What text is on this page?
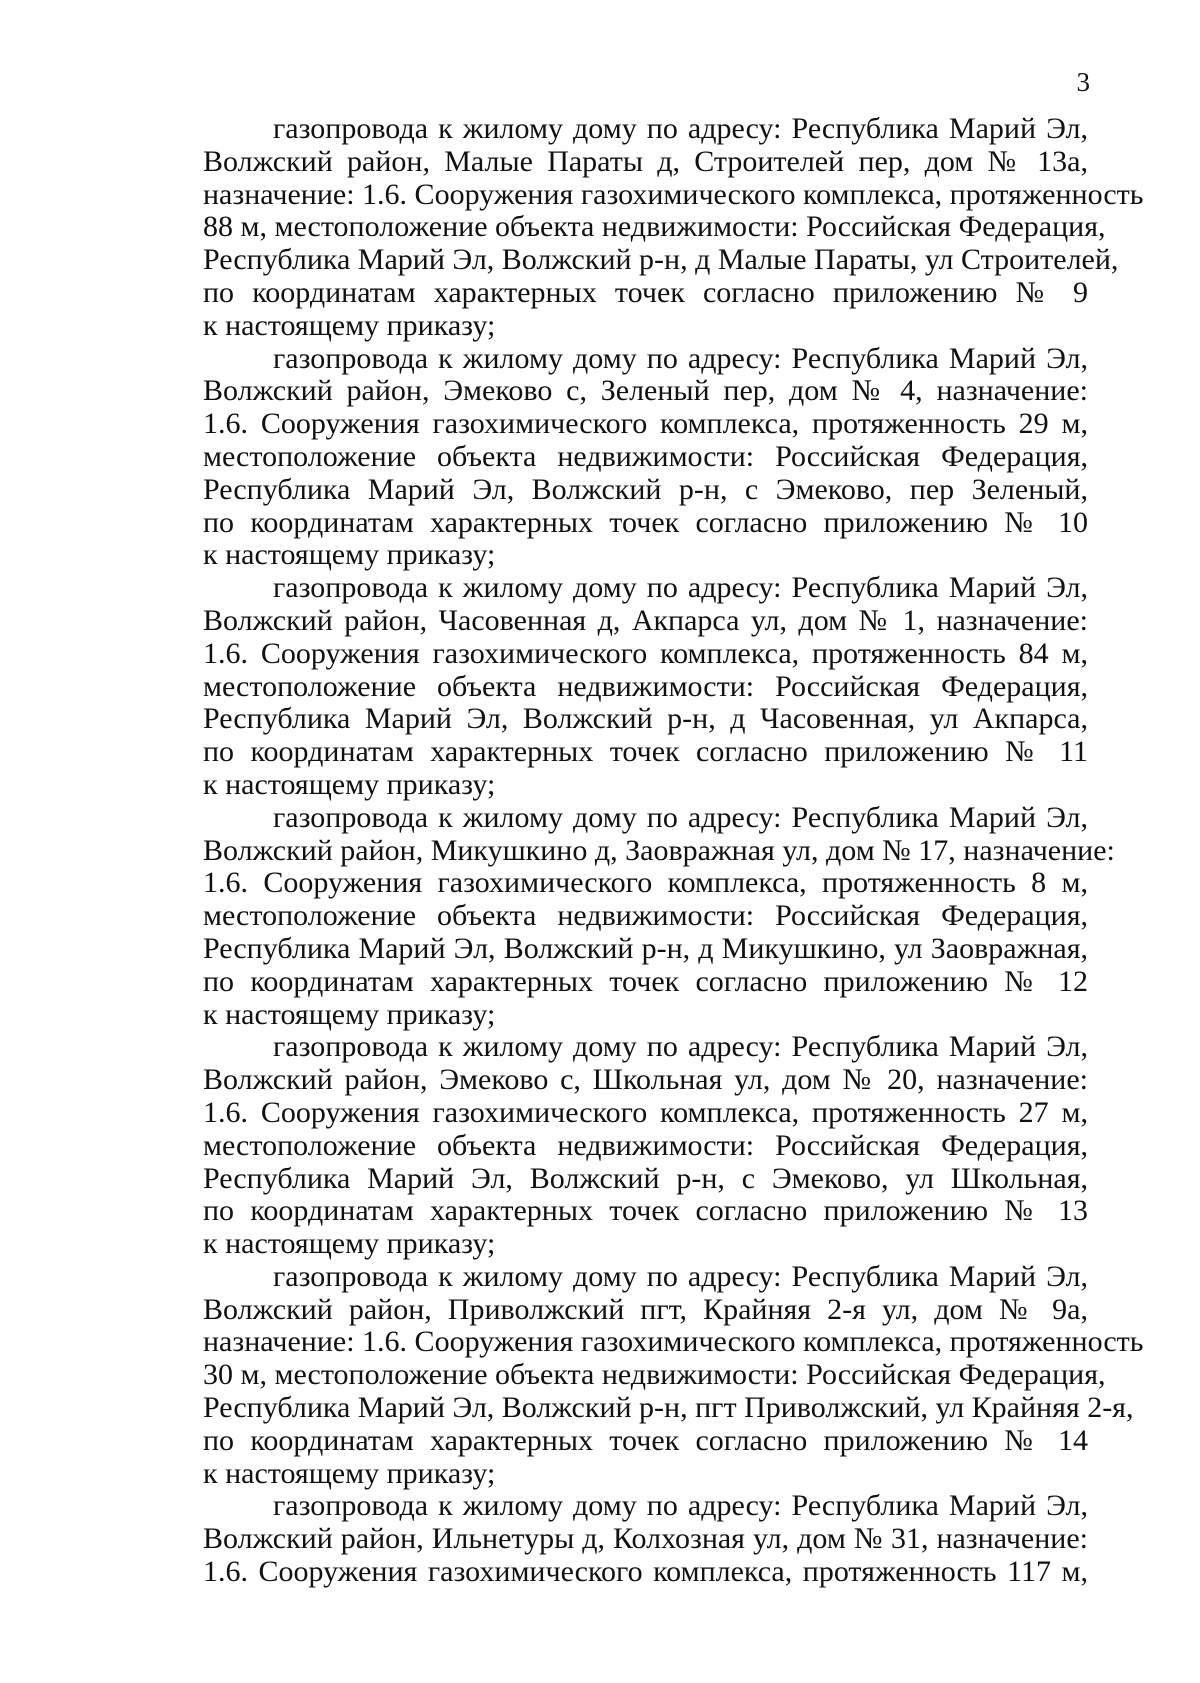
3
газопровода к жилому дому по адресу: Республика Марий Эл,
Волжский район, Малые Параты д, Строителей пер, дом № 13а,
назначение: 1.6. Сооружения газохимического комплекса, протяженность
88 м, местоположение объекта недвижимости: Российская Федерация,
Республика Марий Эл, Волжский р-н, д Малые Параты, ул Строителей,
по координатам характерных точек согласно приложению № 9
к настоящему приказу;
газопровода к жилому дому по адресу: Республика Марий Эл,
Волжский район, Эмеково с, Зеленый пер, дом № 4, назначение:
1.6. Сооружения газохимического комплекса, протяженность 29 м,
местоположение объекта недвижимости: Российская Федерация,
Республика Марий Эл, Волжский р-н, с Эмеково, пер Зеленый,
по координатам характерных точек согласно приложению № 10
к настоящему приказу;
газопровода к жилому дому по адресу: Республика Марий Эл,
Волжский район, Часовенная д, Акпарса ул, дом № 1, назначение:
1.6. Сооружения газохимического комплекса, протяженность 84 м,
местоположение объекта недвижимости: Российская Федерация,
Республика Марий Эл, Волжский р-н, д Часовенная, ул Акпарса,
по координатам характерных точек согласно приложению № 11
к настоящему приказу;
газопровода к жилому дому по адресу: Республика Марий Эл,
Волжский район, Микушкино д, Заовражная ул, дом № 17, назначение:
1.6. Сооружения газохимического комплекса, протяженность 8 м,
местоположение объекта недвижимости: Российская Федерация,
Республика Марий Эл, Волжский р-н, д Микушкино, ул Заовражная,
по координатам характерных точек согласно приложению № 12
к настоящему приказу;
газопровода к жилому дому по адресу: Республика Марий Эл,
Волжский район, Эмеково с, Школьная ул, дом № 20, назначение:
1.6. Сооружения газохимического комплекса, протяженность 27 м,
местоположение объекта недвижимости: Российская Федерация,
Республика Марий Эл, Волжский р-н, с Эмеково, ул Школьная,
по координатам характерных точек согласно приложению № 13
к настоящему приказу;
газопровода к жилому дому по адресу: Республика Марий Эл,
Волжский район, Приволжский пгт, Крайняя 2-я ул, дом № 9а,
назначение: 1.6. Сооружения газохимического комплекса, протяженность
30 м, местоположение объекта недвижимости: Российская Федерация,
Республика Марий Эл, Волжский р-н, пгт Приволжский, ул Крайняя 2-я,
по координатам характерных точек согласно приложению № 14
к настоящему приказу;
газопровода к жилому дому по адресу: Республика Марий Эл,
Волжский район, Ильнетуры д, Колхозная ул, дом № 31, назначение:
1.6. Сооружения газохимического комплекса, протяженность 117 м,
